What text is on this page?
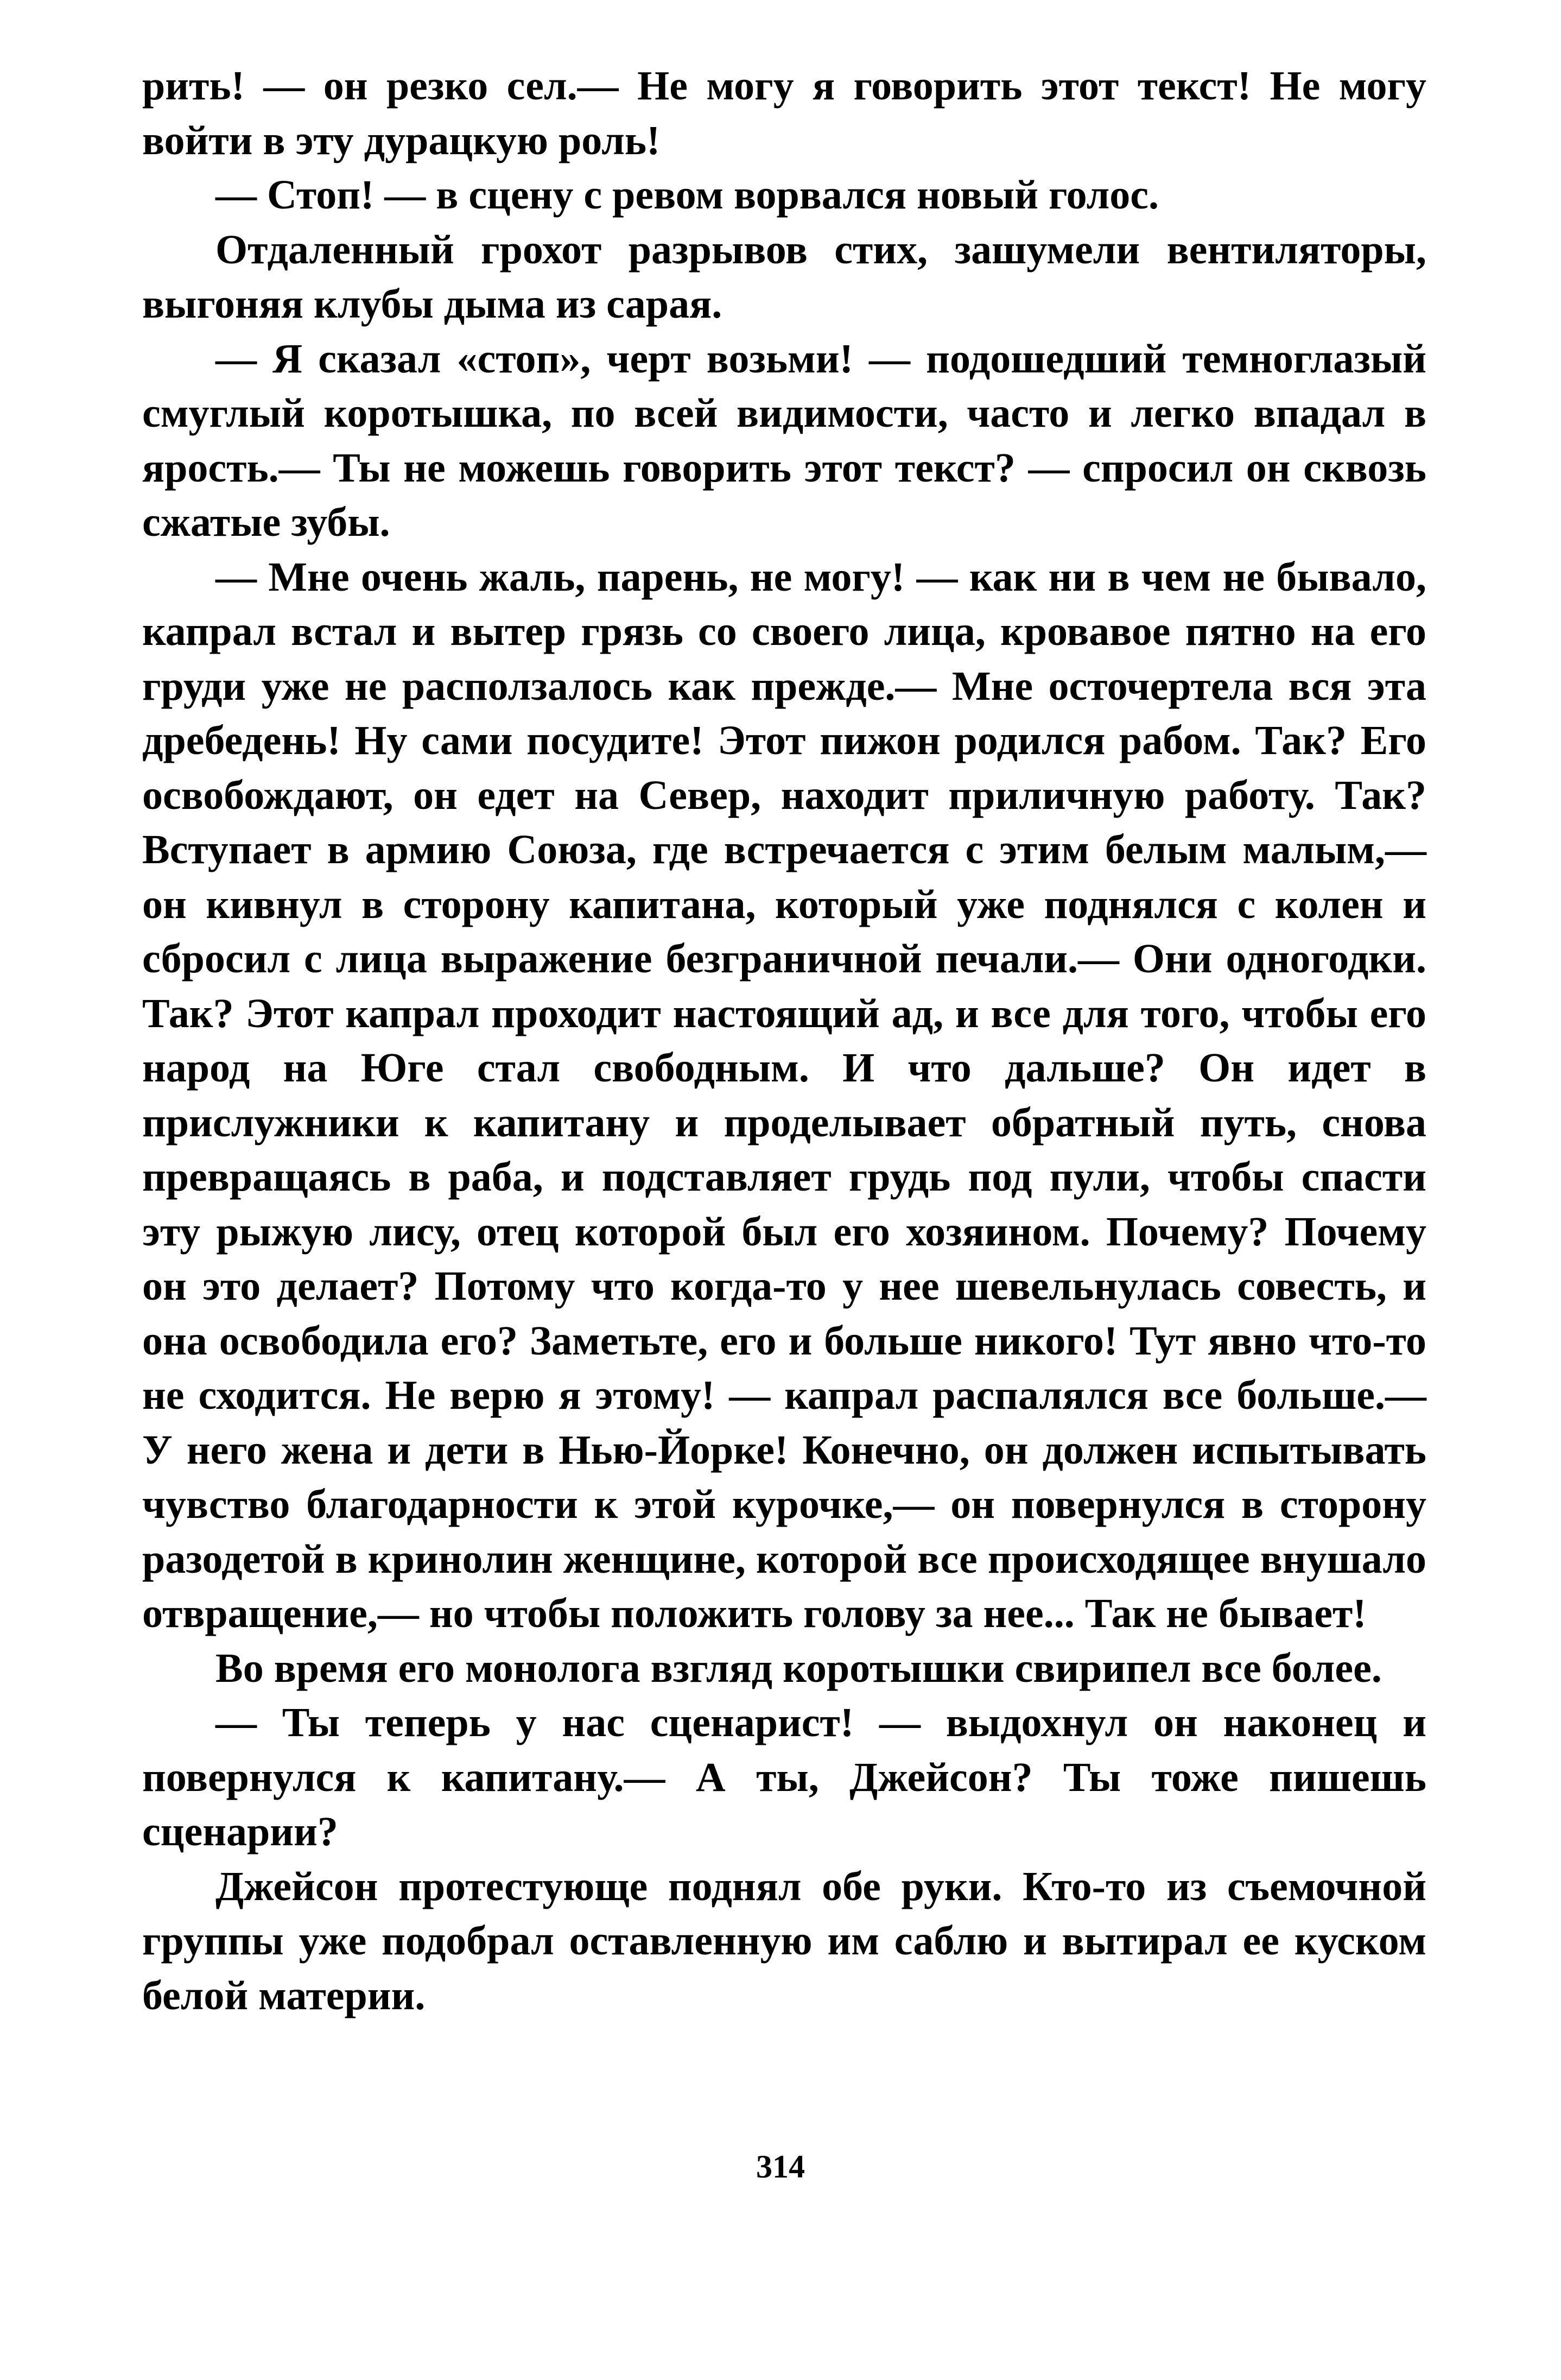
рить! — он резко сел.— Не могу я говорить этот текст! Не могу войти в эту дурацкую роль!

— Стоп! — в сцену с ревом ворвался новый голос.

Отдаленный грохот разрывов стих, зашумели вентиляторы, выгоняя клубы дыма из сарая.

— Я сказал «стоп», черт возьми! — подошедший темноглазый смуглый коротышка, по всей видимости, часто и легко впадал в ярость.— Ты не можешь говорить этот текст? — спросил он сквозь сжатые зубы.

— Мне очень жаль, парень, не могу! — как ни в чем не бывало, капрал встал и вытер грязь со своего лица, кровавое пятно на его груди уже не расползалось как прежде.— Мне осточертела вся эта дребедень! Ну сами посудите! Этот пижон родился рабом. Так? Его освобождают, он едет на Север, находит приличную работу. Так? Вступает в армию Союза, где встречается с этим белым малым,— он кивнул в сторону капитана, который уже поднялся с колен и сбросил с лица выражение безграничной печали.— Они одногодки. Так? Этот капрал проходит настоящий ад, и все для того, чтобы его народ на Юге стал свободным. И что дальше? Он идет в прислужники к капитану и проделывает обратный путь, снова превращаясь в раба, и подставляет грудь под пули, чтобы спасти эту рыжую лису, отец которой был его хозяином. Почему? Почему он это делает? Потому что когда-то у нее шевельнулась совесть, и она освободила его? Заметьте, его и больше никого! Тут явно что-то не сходится. Не верю я этому! — капрал распалялся все больше.— У него жена и дети в Нью-Йорке! Конечно, он должен испытывать чувство благодарности к этой курочке,— он повернулся в сторону разодетой в кринолин женщине, которой все происходящее внушало отвращение,— но чтобы положить голову за нее... Так не бывает!

Во время его монолога взгляд коротышки свирипел все более.

— Ты теперь у нас сценарист! — выдохнул он наконец и повернулся к капитану.— А ты, Джейсон? Ты тоже пишешь сценарии?

Джейсон протестующе поднял обе руки. Кто-то из съемочной группы уже подобрал оставленную им саблю и вытирал ее куском белой материи.

314
